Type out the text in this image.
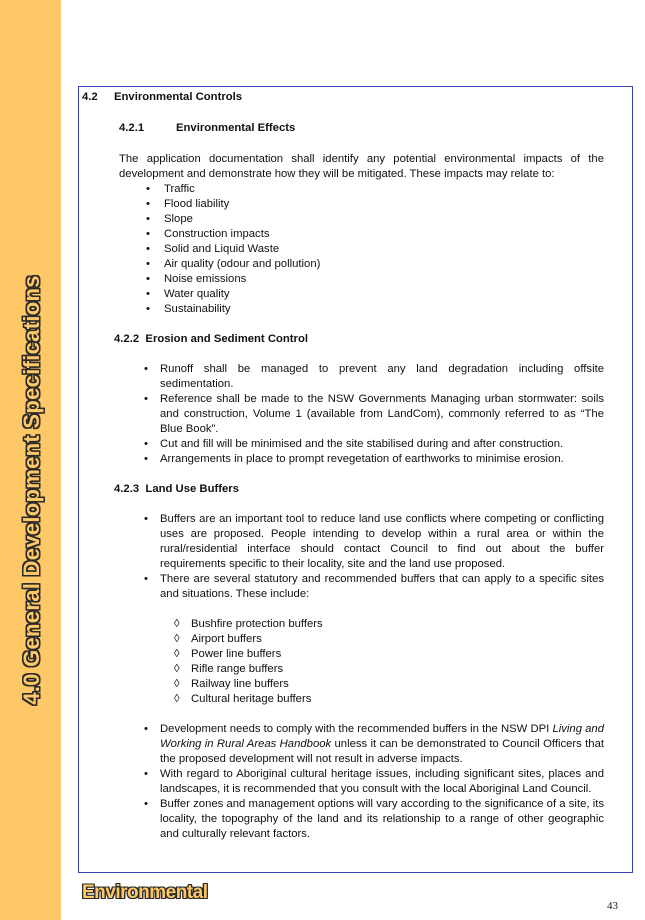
4.0 General Development Specifications
4.2 Environmental Controls
4.2.1	Environmental Effects

The application documentation shall identify any potential environmental impacts of the development and demonstrate how they will be mitigated. These impacts may relate to:

• Traffic
• Flood liability
• Slope
• Construction impacts
• Solid and Liquid Waste
• Air quality (odour and pollution)
• Noise emissions
• Water quality
• Sustainability
4.2.2 Erosion and Sediment Control
• Runoff shall be managed to prevent any land degradation including offsite sedimentation.
• Reference shall be made to the NSW Governments Managing urban stormwater: soils and construction, Volume 1 (available from LandCom), commonly referred to as “The Blue Book”.
• Cut and fill will be minimised and the site stabilised during and after construction.
• Arrangements in place to prompt revegetation of earthworks to minimise erosion.
4.2.3 Land Use Buffers
• Buffers are an important tool to reduce land use conflicts where competing or conflicting uses are proposed. People intending to develop within a rural area or within the rural/residential interface should contact Council to find out about the buffer requirements specific to their locality, site and the land use proposed.
• There are several statutory and recommended buffers that can apply to a specific sites and situations. These include:
◊ Bushfire protection buffers
◊ Airport buffers
◊ Power line buffers
◊ Rifle range buffers
◊ Railway line buffers
◊ Cultural heritage buffers
• Development needs to comply with the recommended buffers in the NSW DPI Living and Working in Rural Areas Handbook unless it can be demonstrated to Council Officers that the proposed development will not result in adverse impacts.
• With regard to Aboriginal cultural heritage issues, including significant sites, places and landscapes, it is recommended that you consult with the local Aboriginal Land Council.
• Buffer zones and management options will vary according to the significance of a site, its locality, the topography of the land and its relationship to a range of other geographic and culturally relevant factors.
Environmental
43
